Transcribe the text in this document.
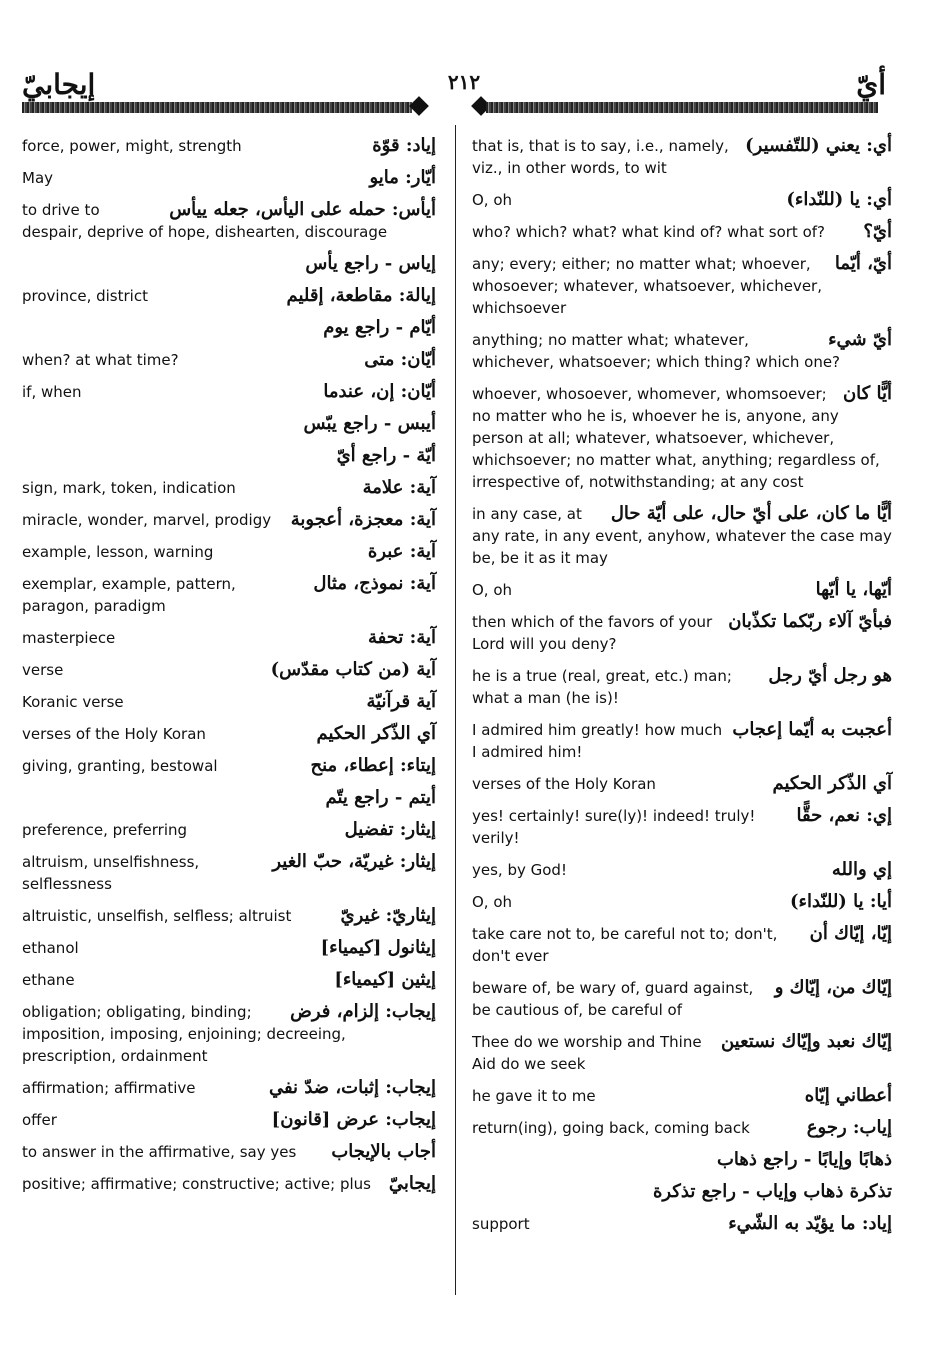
إيجابيّ	٢١٢	أيّ
إياد: قوّة
force, power, might, strength
أيّار: مايو
May
أيأس: حمله على اليأس، جعله ييأس
to drive to despair, deprive of hope, dishearten, discourage
إياس - راجع يأس
إيالة: مقاطعة، إقليم
province, district
أيّام - راجع يوم
أيّان: متى
when? at what time?
أيّان: إن، عندما
if, when
أيبس - راجع يبّس
أيّة - راجع أيّ
آية: علامة
sign, mark, token, indication
آية: معجزة، أعجوبة
miracle, wonder, marvel, prodigy
آية: عبرة
example, lesson, warning
آية: نموذج، مثال
exemplar, example, pattern, paragon, paradigm
آية: تحفة
masterpiece
آية (من كتاب مقدّس)
verse
آية قرآنيّة
Koranic verse
آي الذّكر الحكيم
verses of the Holy Koran
إيتاء: إعطاء، منح
giving, granting, bestowal
أيتم - راجع يتّم
إيثار: تفضيل
preference, preferring
إيثار: غيريّة، حبّ الغير
altruism, unselfishness, selflessness
إيثاريّ: غيريّ
altruistic, unselfish, selfless; altruist
إيثانول [كيمياء]
ethanol
إيثين [كيمياء]
ethane
إيجاب: إلزام، فرض
obligation; obligating, binding; imposition, imposing, enjoining; decreeing, prescription, ordainment
إيجاب: إثبات، ضدّ نفي
affirmation; affirmative
إيجاب: عرض [قانون]
offer
أجاب بالإيجاب
to answer in the affirmative, say yes
إيجابيّ
positive; affirmative; constructive; active; plus
أي: يعني (للتّفسير)
that is, that is to say, i.e., namely, viz., in other words, to wit
أي: يا (للنّداء)
O, oh
أيّ؟
who? which? what? what kind of? what sort of?
أيّ، أيّما
any; every; either; no matter what; whoever, whosoever; whatever, whatsoever, whichever, whichsoever
أيّ شيء
anything; no matter what; whatever, whichever, whatsoever; which thing? which one?
أيًّا كان
whoever, whosoever, whomever, whomsoever; no matter who he is, whoever he is, anyone, any person at all; whatever, whatsoever, whichever, whichsoever; no matter what, anything; regardless of, irrespective of, notwithstanding; at any cost
أيًّا ما كان، على أيّ حال، على أيّة حال
in any case, at any rate, in any event, anyhow, whatever the case may be, be it as it may
أيّها، يا أيّها
O, oh
فبأيّ آلاء ربّكما تكذّبان
then which of the favors of your Lord will you deny?
هو رجل أيّ رجل
he is a true (real, great, etc.) man; what a man (he is)!
أعجبت به أيّما إعجاب
I admired him greatly! how much I admired him!
آي الذّكر الحكيم
verses of the Holy Koran
إي: نعم، حقًّا
yes! certainly! sure(ly)! indeed! truly! verily!
إي والله
yes, by God!
أيا: يا (للنّداء)
O, oh
إيّا، إيّاك أن
take care not to, be careful not to; don't, don't ever
إيّاك من، إيّاك و
beware of, be wary of, guard against, be cautious of, be careful of
إيّاك نعبد وإيّاك نستعين
Thee do we worship and Thine Aid do we seek
أعطاني إيّاه
he gave it to me
إياب: رجوع
return(ing), going back, coming back
ذهابًا وإيابًا - راجع ذهاب
تذكرة ذهاب وإياب - راجع تذكرة
إياد: ما يؤيّد به الشّيء
support
